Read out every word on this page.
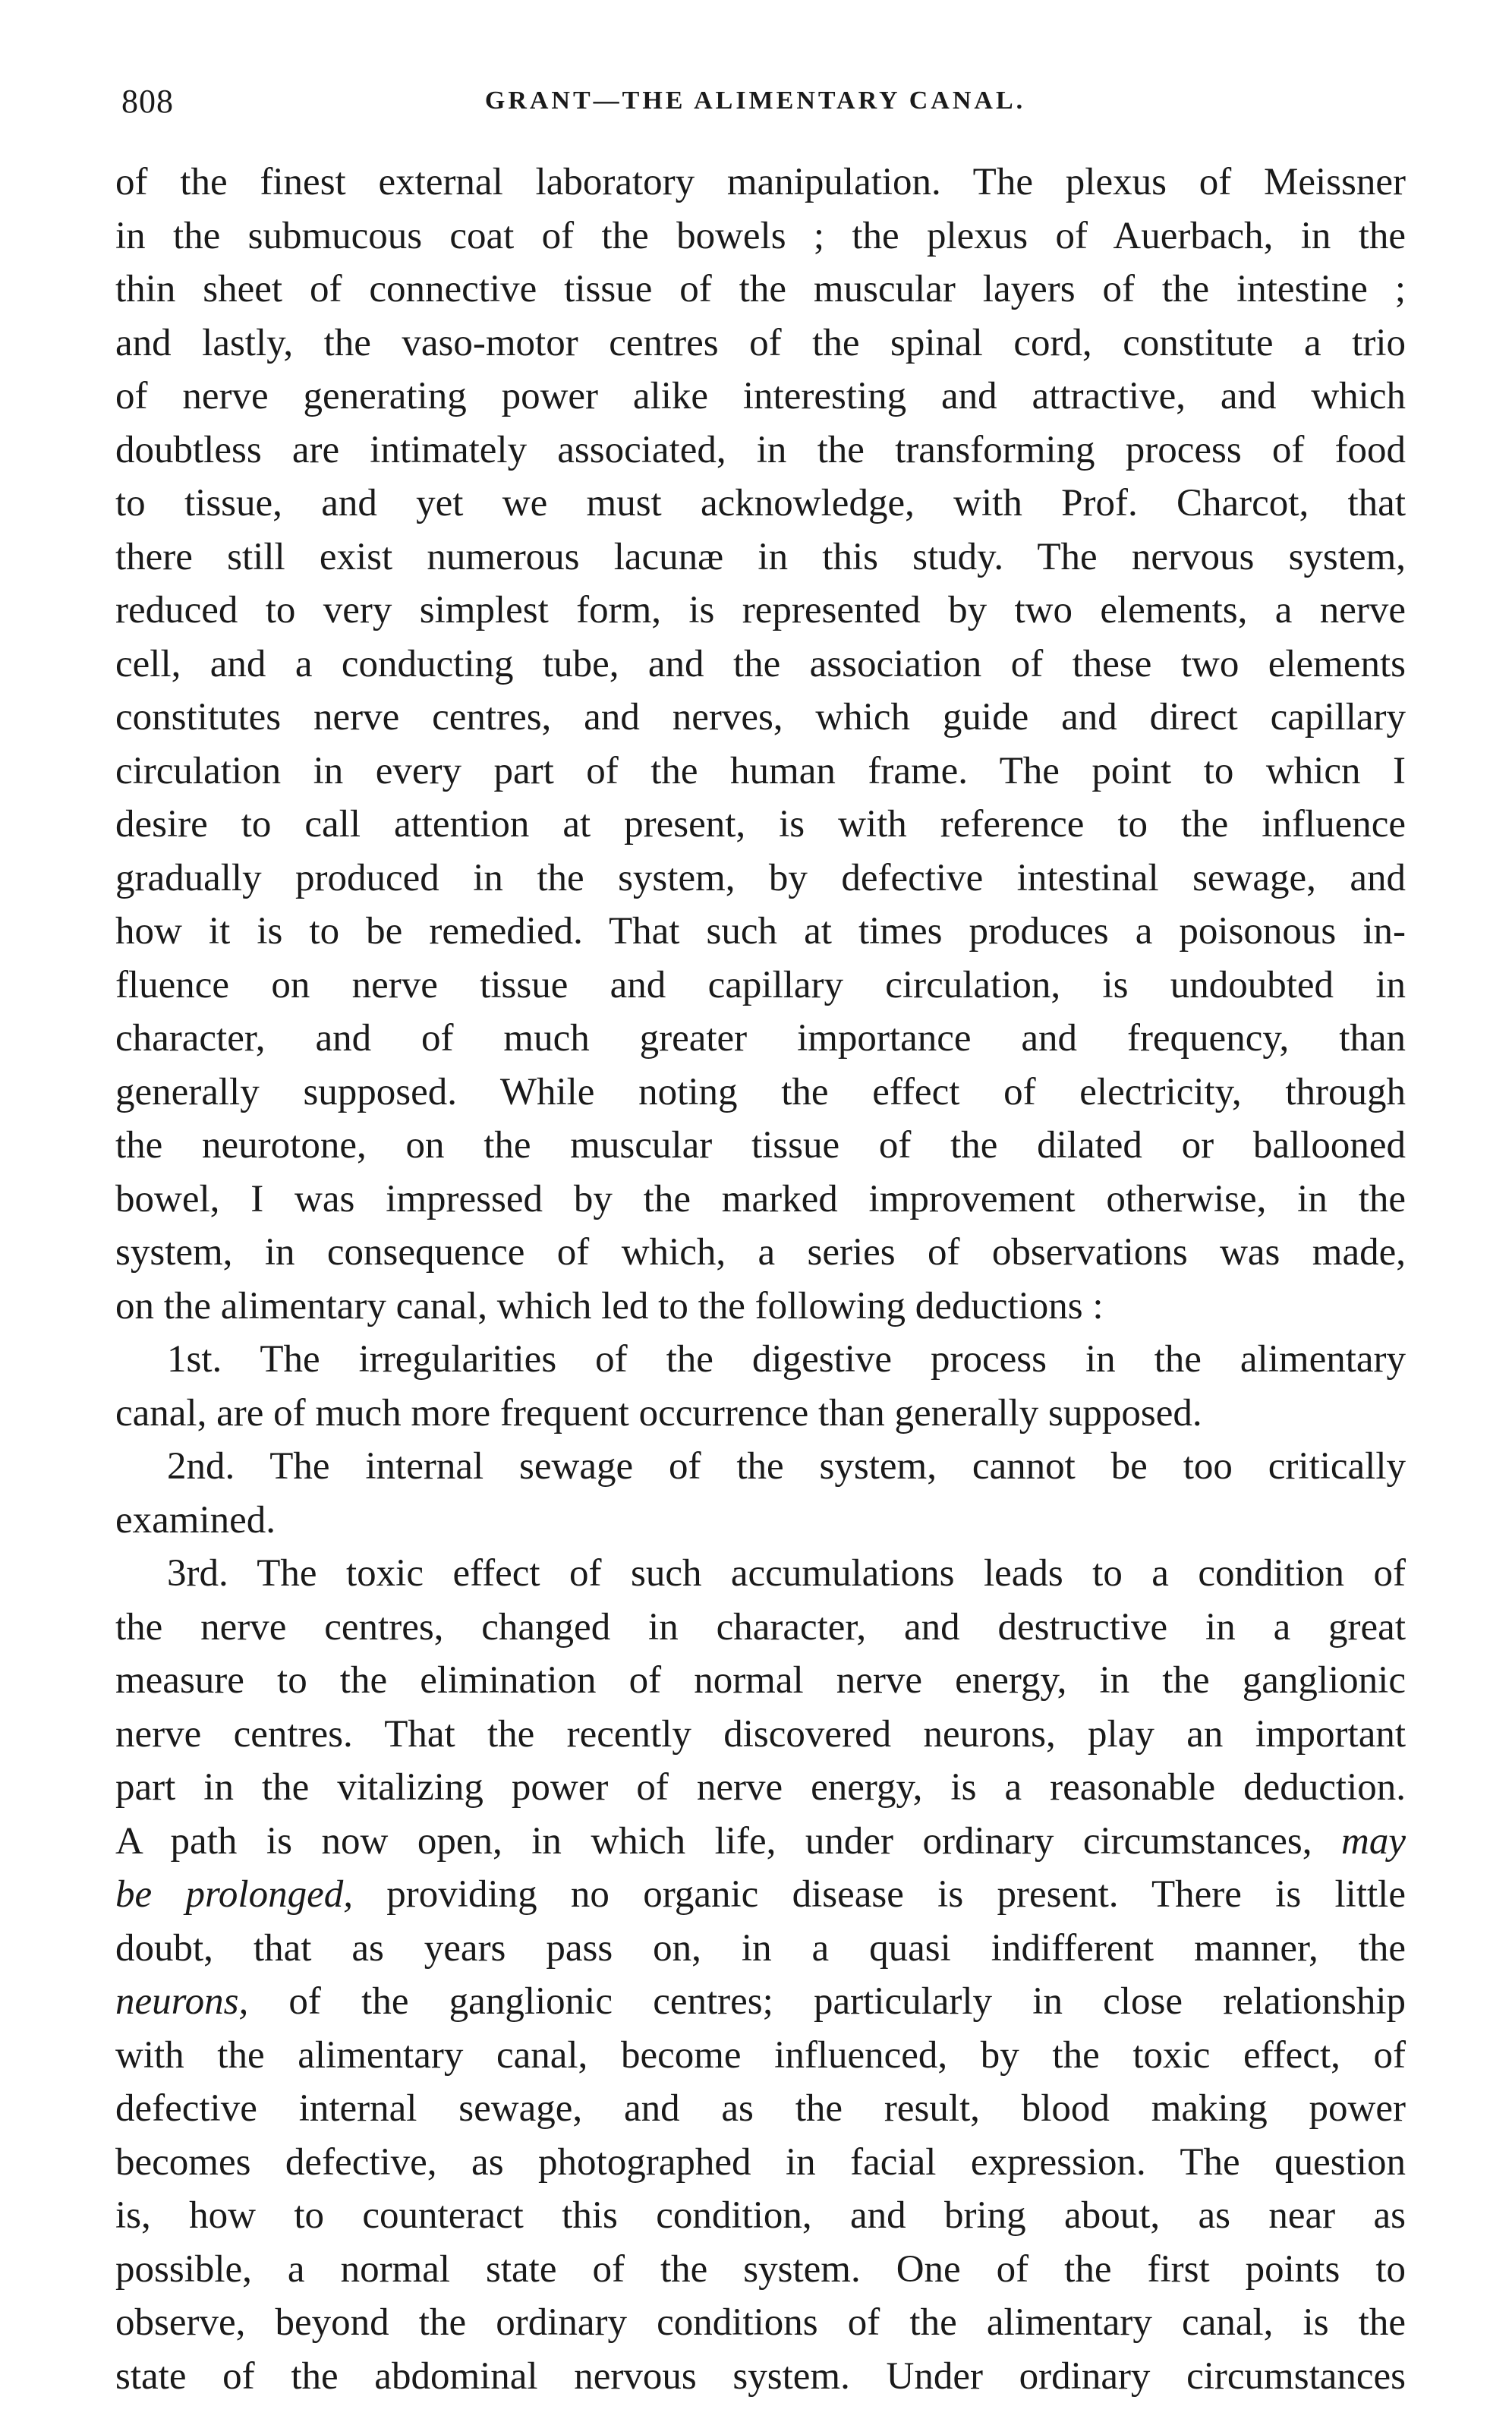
808	GRANT—THE ALIMENTARY CANAL.
of the finest external laboratory manipulation. The plexus of Meissner
in the submucous coat of the bowels ; the plexus of Auerbach, in the
thin sheet of connective tissue of the muscular layers of the intestine ;
and lastly, the vaso-motor centres of the spinal cord, constitute a trio
of nerve generating power alike interesting and attractive, and which
doubtless are intimately associated, in the transforming process of food
to tissue, and yet we must acknowledge, with Prof. Charcot, that
there still exist numerous lacunæ in this study. The nervous system,
reduced to very simplest form, is represented by two elements, a nerve
cell, and a conducting tube, and the association of these two elements
constitutes nerve centres, and nerves, which guide and direct capillary
circulation in every part of the human frame. The point to whicn I
desire to call attention at present, is with reference to the influence
gradually produced in the system, by defective intestinal sewage, and
how it is to be remedied. That such at times produces a poisonous in-
fluence on nerve tissue and capillary circulation, is undoubted in
character, and of much greater importance and frequency, than
generally supposed. While noting the effect of electricity, through
the neurotone, on the muscular tissue of the dilated or ballooned
bowel, I was impressed by the marked improvement otherwise, in the
system, in consequence of which, a series of observations was made,
on the alimentary canal, which led to the following deductions :
1st. The irregularities of the digestive process in the alimentary
canal, are of much more frequent occurrence than generally supposed.
2nd. The internal sewage of the system, cannot be too critically
examined.
3rd. The toxic effect of such accumulations leads to a condition of
the nerve centres, changed in character, and destructive in a great
measure to the elimination of normal nerve energy, in the ganglionic
nerve centres. That the recently discovered neurons, play an important
part in the vitalizing power of nerve energy, is a reasonable deduction.
A path is now open, in which life, under ordinary circumstances, may
be prolonged, providing no organic disease is present. There is little
doubt, that as years pass on, in a quasi indifferent manner, the
neurons, of the ganglionic centres; particularly in close relationship
with the alimentary canal, become influenced, by the toxic effect, of
defective internal sewage, and as the result, blood making power
becomes defective, as photographed in facial expression. The question
is, how to counteract this condition, and bring about, as near as
possible, a normal state of the system. One of the first points to
observe, beyond the ordinary conditions of the alimentary canal, is the
state of the abdominal nervous system. Under ordinary circumstances
